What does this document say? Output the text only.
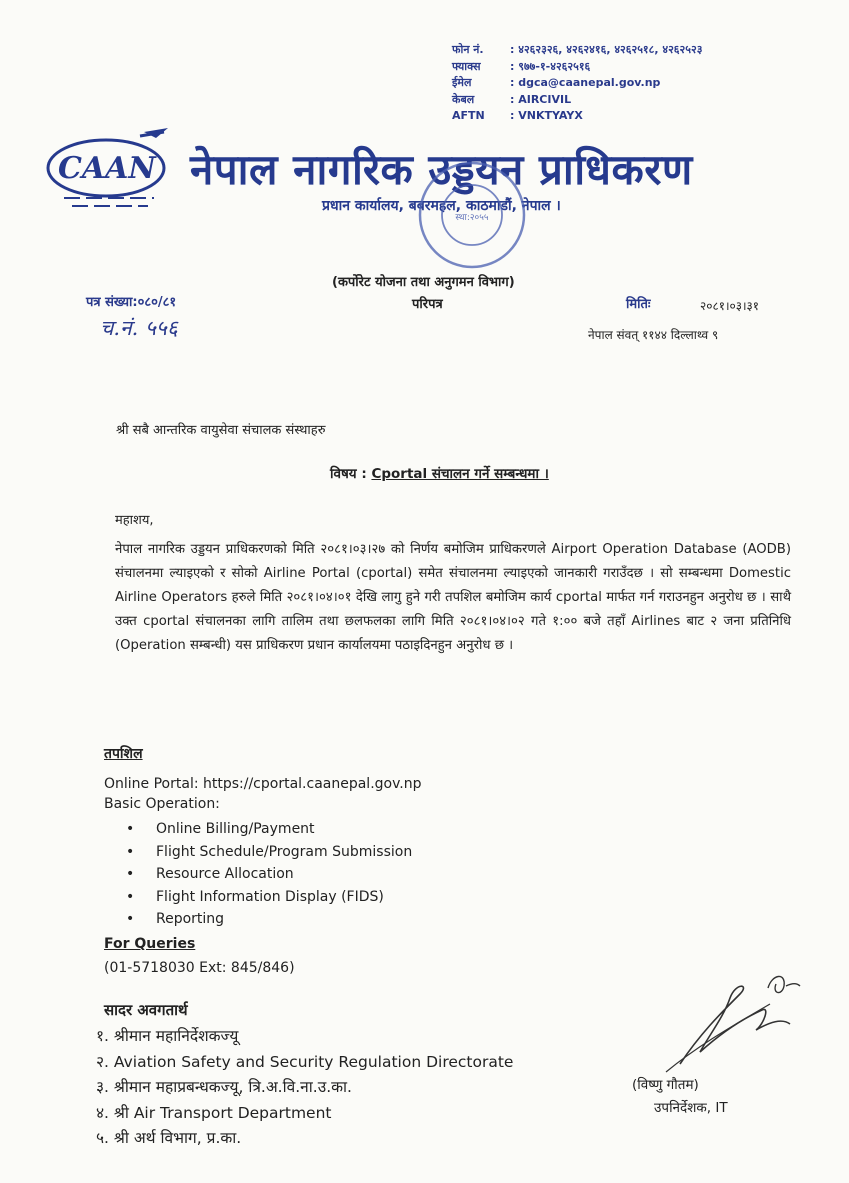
फोन नं.	: ४२६२३२६, ४२६२४१६, ४२६२५१८, ४२६२५२३
फ्याक्स	: ९७७-१-४२६२५१६
ईमेल	: dgca@caanepal.gov.np
केबल	: AIRCIVIL
AFTN	: VNKTYAYX
CAAN नेपाल नागरिक उड्डयन प्राधिकरण
प्रधान कार्यालय, बबरमहल, काठमाडौं, नेपाल ।
स्था:२०५५
(कर्पोरेट योजना तथा अनुगमन विभाग)
परिपत्र
पत्र संख्या:०८०/८१
च.नं. ५५६
मितिः	२०८१।०३।३१
नेपाल संवत् ११४४ दिल्लाथ्व ९
श्री सबै आन्तरिक वायुसेवा संचालक संस्थाहरु
विषय : Cportal संचालन गर्ने सम्बन्धमा ।
महाशय,
नेपाल नागरिक उड्डयन प्राधिकरणको मिति २०८१।०३।२७ को निर्णय बमोजिम प्राधिकरणले Airport Operation Database (AODB) संचालनमा ल्याइएको र सोको Airline Portal (cportal) समेत संचालनमा ल्याइएको जानकारी गराउँदछ । सो सम्बन्धमा Domestic Airline Operators हरुले मिति २०८१।०४।०१ देखि लागु हुने गरी तपशिल बमोजिम कार्य cportal मार्फत गर्न गराउनहुन अनुरोध छ । साथै उक्त cportal संचालनका लागि तालिम तथा छलफलका लागि मिति २०८१।०४।०२ गते १:०० बजे तहाँ Airlines बाट २ जना प्रतिनिधि (Operation सम्बन्धी) यस प्राधिकरण प्रधान कार्यालयमा पठाइदिनहुन अनुरोध छ ।
तपशिल
Online Portal: https://cportal.caanepal.gov.np
Basic Operation:
•	Online Billing/Payment
•	Flight Schedule/Program Submission
•	Resource Allocation
•	Flight Information Display (FIDS)
•	Reporting
For Queries
(01-5718030 Ext: 845/846)
सादर अवगतार्थ
१. श्रीमान महानिर्देशकज्यू
२. Aviation Safety and Security Regulation Directorate
३. श्रीमान महाप्रबन्धकज्यू, त्रि.अ.वि.ना.उ.का.
४. श्री Air Transport Department
५. श्री अर्थ विभाग, प्र.का.
(विष्णु गौतम)
उपनिर्देशक, IT
